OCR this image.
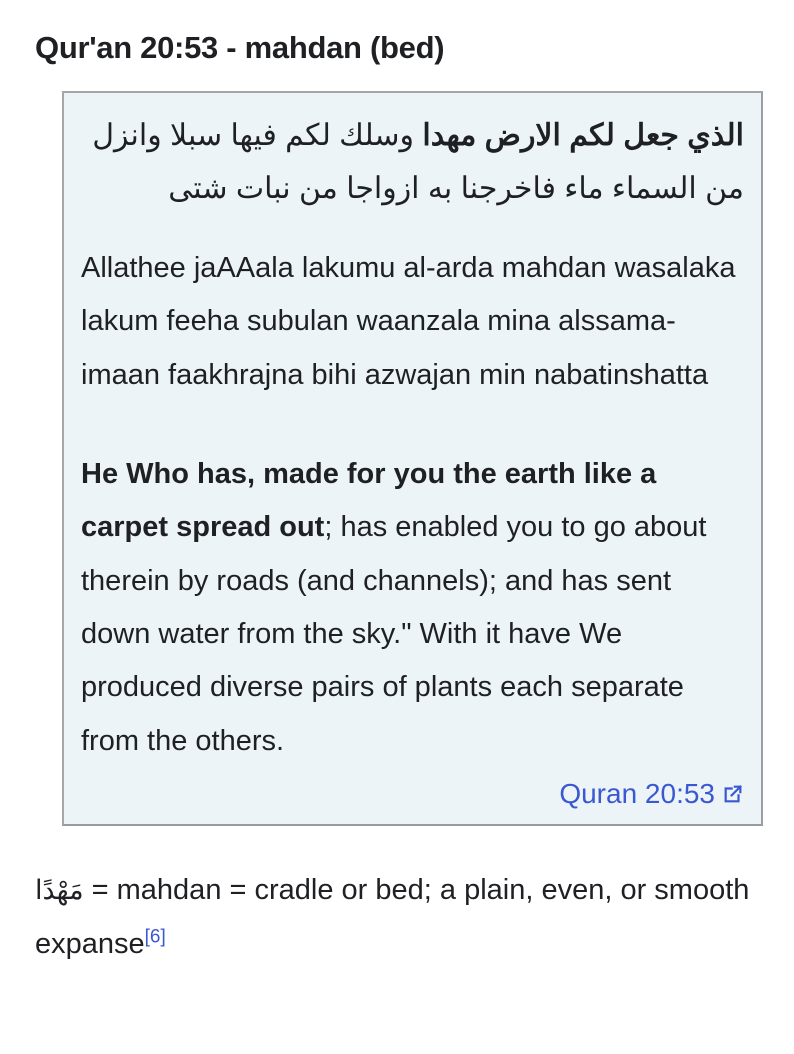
Qur'an 20:53 - mahdan (bed)

الذي جعل لكم الارض مهدا وسلك لكم فيها سبلا وانزل من السماء ماء فاخرجنا به ازواجا من نبات شتى

Allathee jaAAala lakumu al-arda mahdan wasalaka lakum feeha subulan waanzala mina alssama-imaan faakhrajna bihi azwajan min nabatinshatta

He Who has, made for you the earth like a carpet spread out; has enabled you to go about therein by roads (and channels); and has sent down water from the sky." With it have We produced diverse pairs of plants each separate from the others.

Quran 20:53

مَهْدًا = mahdan = cradle or bed; a plain, even, or smooth expanse[6]
